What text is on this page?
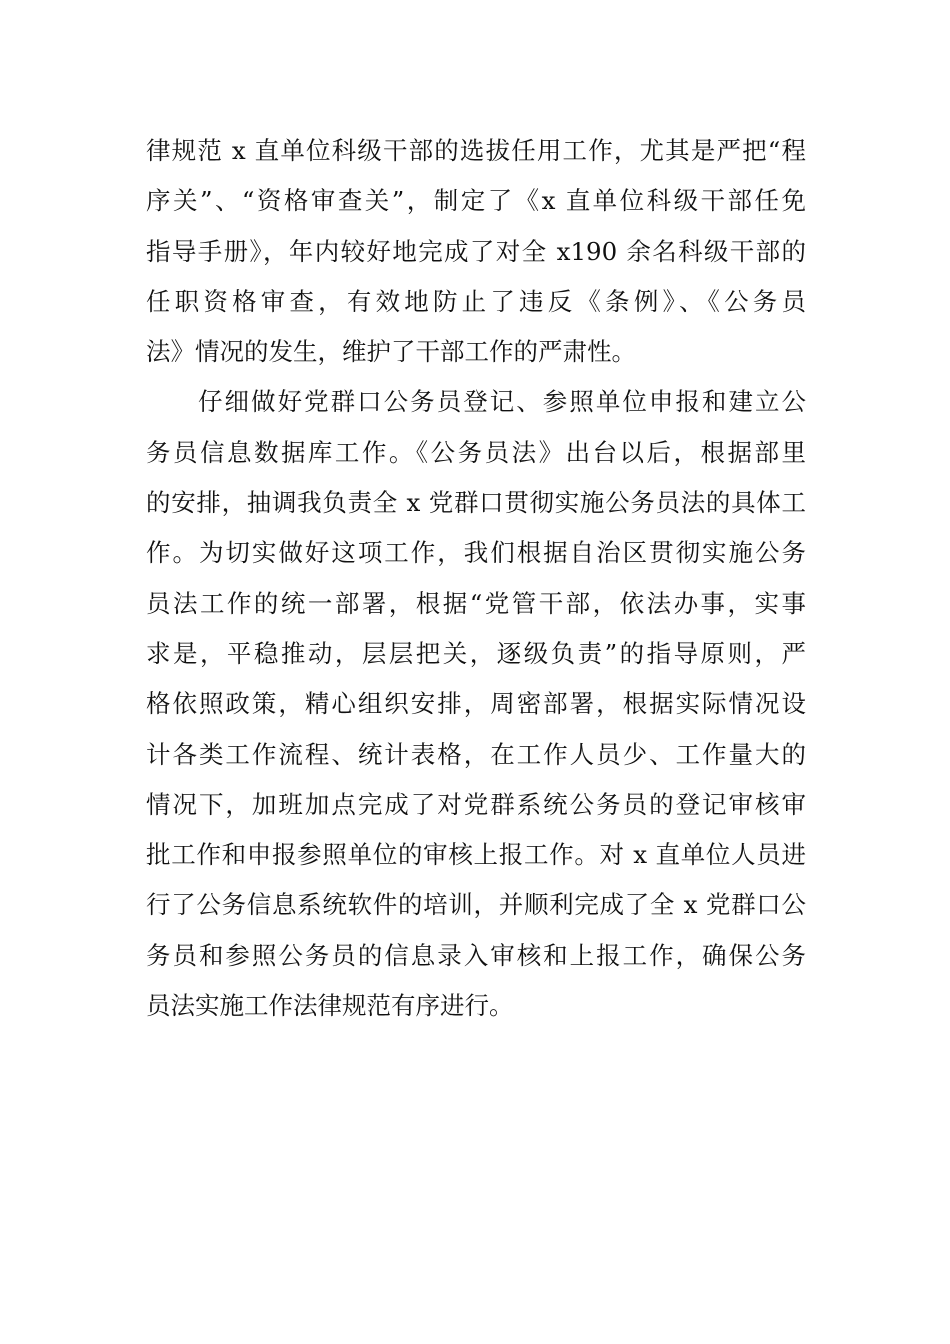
律规范 x 直单位科级干部的选拔任用工作，尤其是严把“程
序关”、“资格审查关”，制定了《x 直单位科级干部任免
指导手册》，年内较好地完成了对全 x190 余名科级干部的
任职资格审查，有效地防止了违反《条例》、《公务员
法》情况的发生，维护了干部工作的严肃性。
仔细做好党群口公务员登记、参照单位申报和建立公
务员信息数据库工作。《公务员法》出台以后，根据部里
的安排，抽调我负责全 x 党群口贯彻实施公务员法的具体工
作。为切实做好这项工作，我们根据自治区贯彻实施公务
员法工作的统一部署，根据“党管干部，依法办事，实事
求是，平稳推动，层层把关，逐级负责”的指导原则，严
格依照政策，精心组织安排，周密部署，根据实际情况设
计各类工作流程、统计表格，在工作人员少、工作量大的
情况下，加班加点完成了对党群系统公务员的登记审核审
批工作和申报参照单位的审核上报工作。对 x 直单位人员进
行了公务信息系统软件的培训，并顺利完成了全 x 党群口公
务员和参照公务员的信息录入审核和上报工作，确保公务
员法实施工作法律规范有序进行。
